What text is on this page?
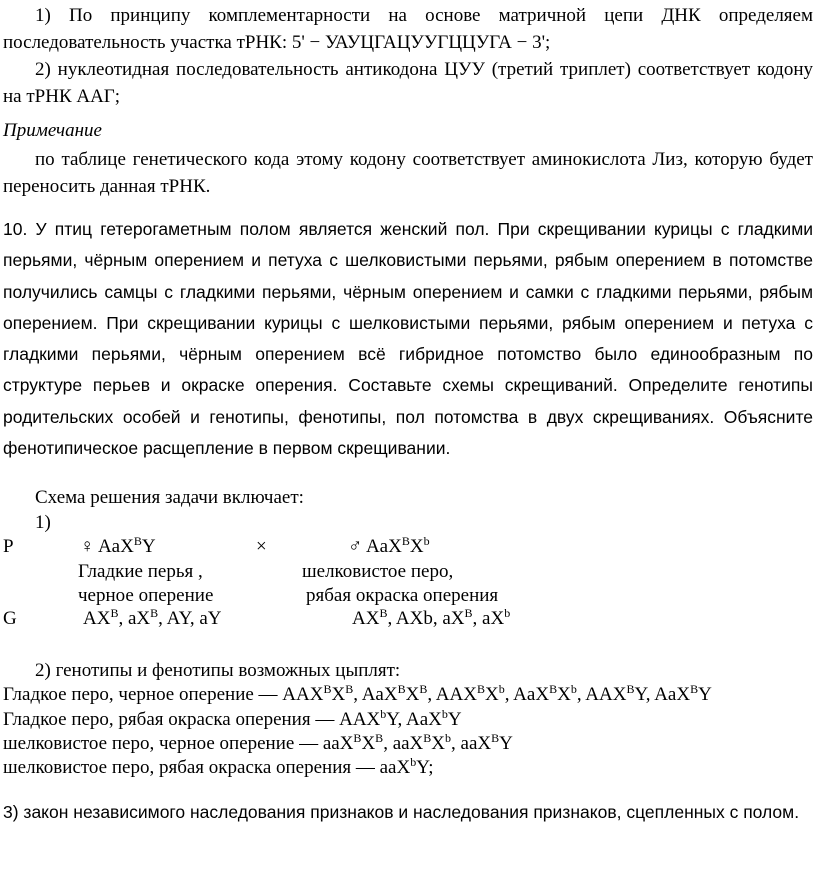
1) По принципу комплементарности на основе матричной цепи ДНК определяем последовательность участка тРНК: 5' − УАУЦГАЦУУГЦЦУГА − 3';

2) нуклеотидная последовательность антикодона ЦУУ (третий триплет) соответствует кодону на тРНК ААГ;

Примечание

по таблице генетического кода этому кодону соответствует аминокислота Лиз, которую будет переносить данная тРНК.

10. У птиц гетерогаметным полом является женский пол. При скрещивании курицы с гладкими перьями, чёрным оперением и петуха с шелковистыми перьями, рябым оперением в потомстве получились самцы с гладкими перьями, чёрным оперением и самки с гладкими перьями, рябым оперением. При скрещивании курицы с шелковистыми перьями, рябым оперением и петуха с гладкими перьями, чёрным оперением всё гибридное потомство было единообразным по структуре перьев и окраске оперения. Составьте схемы скрещиваний. Определите генотипы родительских особей и генотипы, фенотипы, пол потомства в двух скрещиваниях. Объясните фенотипическое расщепление в первом скрещивании.

Схема решения задачи включает:
1)
P	♀ AaX$^B$Y	×	♂ $AaX^BX^b$
Гладкие перья ,	шелковистое перо,
черное оперение	рябая окраска оперения
G	$AX^B$, $aX^B$, AY, aY	$AX^B$, AXb, $aX^B$, $aX^b$
2) генотипы и фенотипы возможных цыплят:
Гладкое перо, черное оперение — $AAX^BX^B$, $AaX^BX^B$, $AAX^BX^b$, $AaX^BX^b$, $AAX^BY$, AaX$^B$Y
Гладкое перо, рябая окраска оперения — AAX$^b$Y, AaX$^b$Y
шелковистое перо, черное оперение — $aaX^BX^B$, $aaX^BX^b$, aaX$^B$Y
шелковистое перо, рябая окраска оперения — aaX$^b$Y;

3) закон независимого наследования признаков и наследования признаков, сцепленных с полом.
